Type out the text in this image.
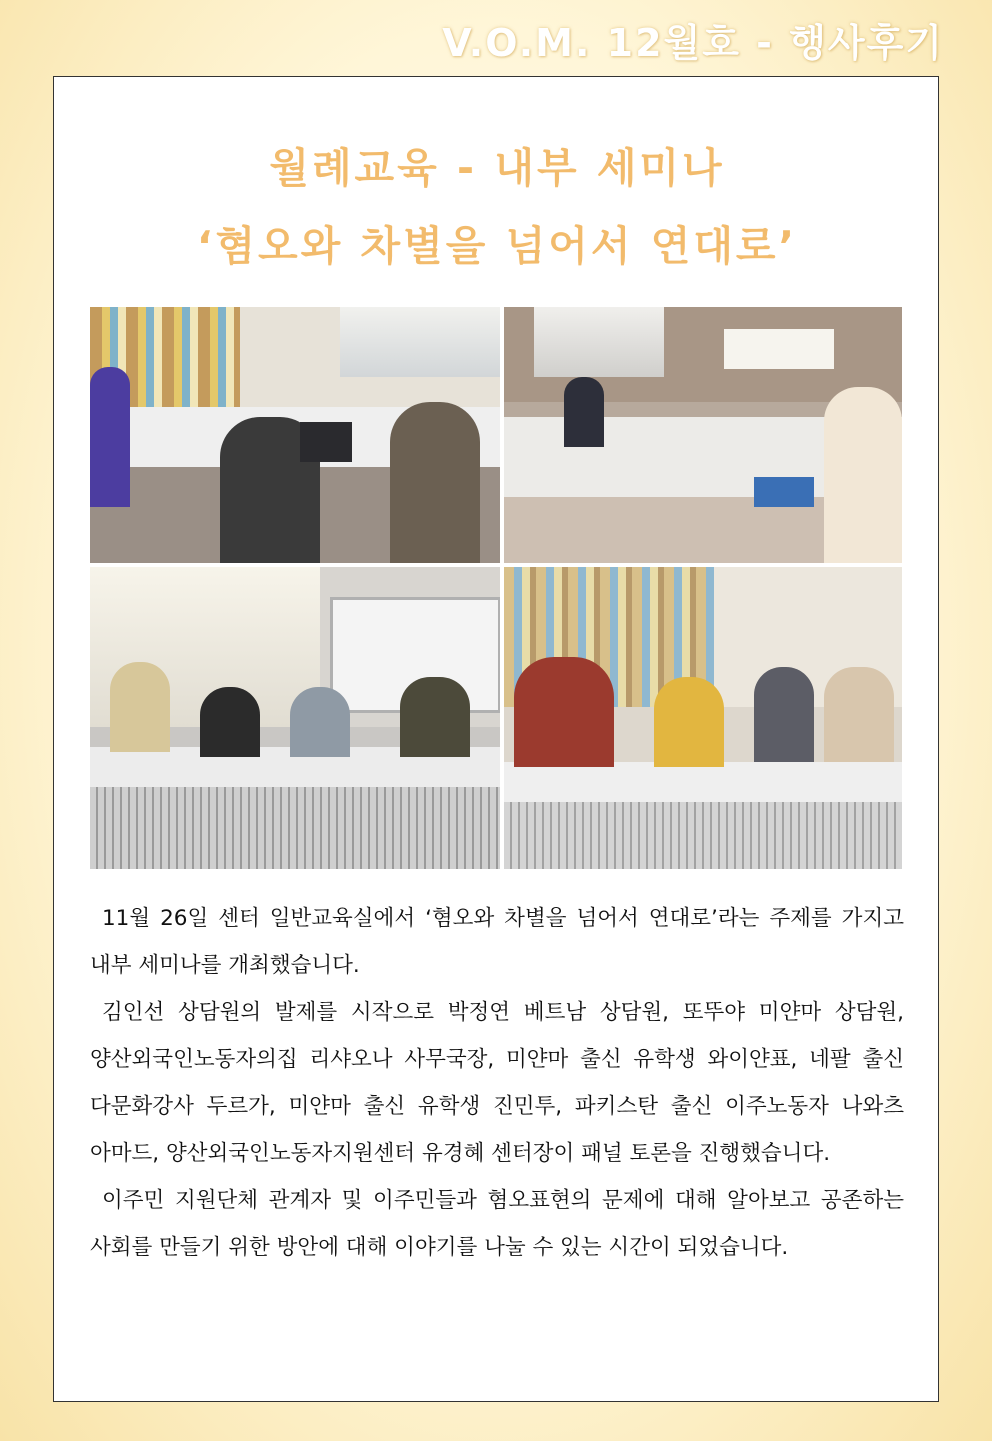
V.O.M. 12월호 - 행사후기
월례교육 - 내부 세미나
‘혐오와 차별을 넘어서 연대로’

11월 26일 센터 일반교육실에서 ‘혐오와 차별을 넘어서 연대로’라는 주제를 가지고 내부 세미나를 개최했습니다.

김인선 상담원의 발제를 시작으로 박정연 베트남 상담원, 또뚜야 미얀마 상담원, 양산외국인노동자의집 리샤오나 사무국장, 미얀마 출신 유학생 와이얀표, 네팔 출신 다문화강사 두르가, 미얀마 출신 유학생 진민투, 파키스탄 출신 이주노동자 나와츠 아마드, 양산외국인노동자지원센터 유경혜 센터장이 패널 토론을 진행했습니다.

이주민 지원단체 관계자 및 이주민들과 혐오표현의 문제에 대해 알아보고 공존하는 사회를 만들기 위한 방안에 대해 이야기를 나눌 수 있는 시간이 되었습니다.
